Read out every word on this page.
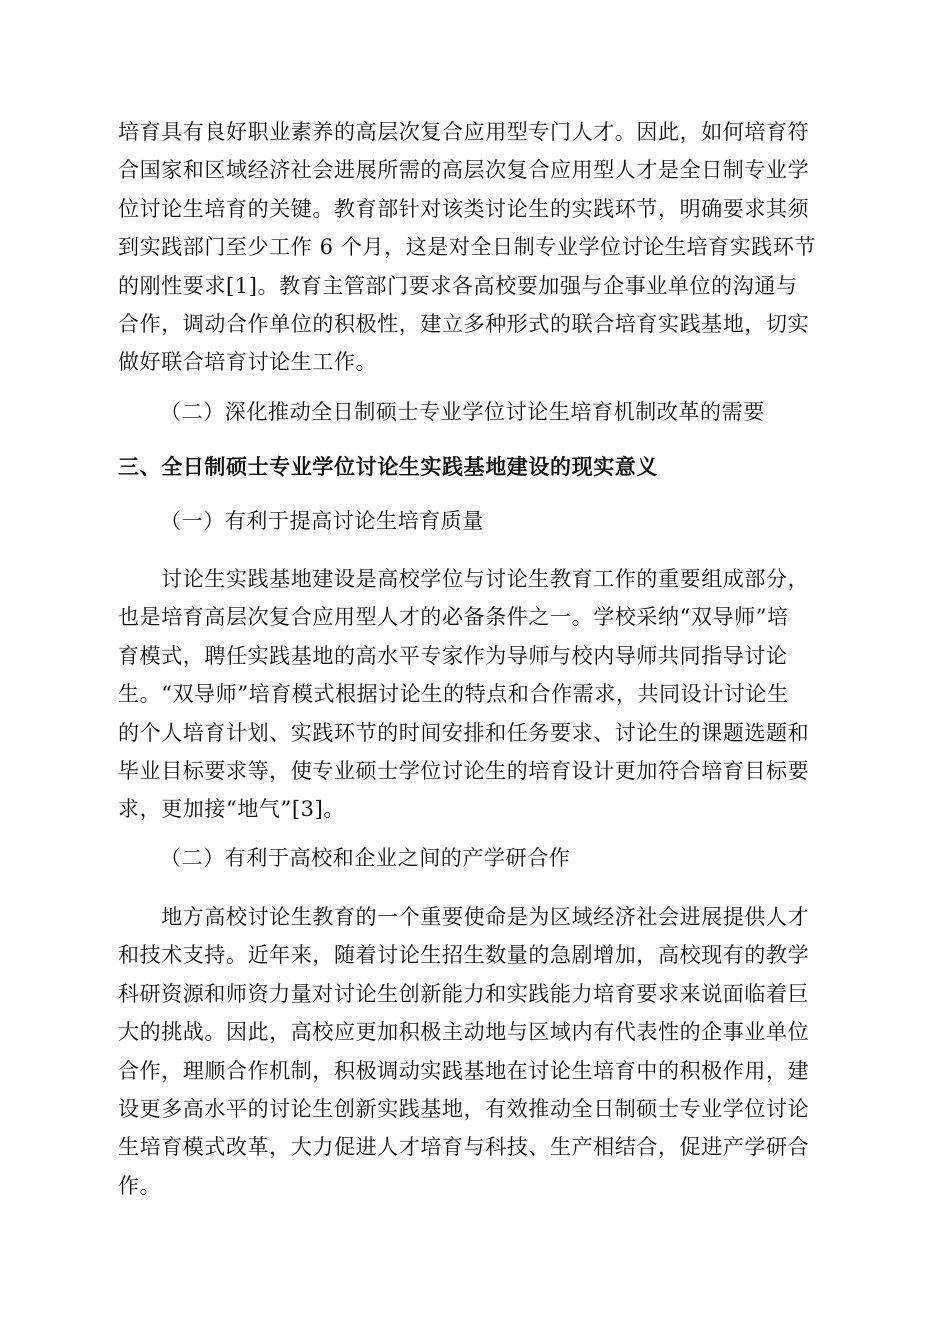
培育具有良好职业素养的高层次复合应用型专门人才。因此，如何培育符
合国家和区域经济社会进展所需的高层次复合应用型人才是全日制专业学
位讨论生培育的关键。教育部针对该类讨论生的实践环节，明确要求其须
到实践部门至少工作 6 个月，这是对全日制专业学位讨论生培育实践环节
的刚性要求[1]。教育主管部门要求各高校要加强与企事业单位的沟通与
合作，调动合作单位的积极性，建立多种形式的联合培育实践基地，切实
做好联合培育讨论生工作。
（二）深化推动全日制硕士专业学位讨论生培育机制改革的需要
三、全日制硕士专业学位讨论生实践基地建设的现实意义
（一）有利于提高讨论生培育质量
　　讨论生实践基地建设是高校学位与讨论生教育工作的重要组成部分，
也是培育高层次复合应用型人才的必备条件之一。学校采纳“双导师”培
育模式，聘任实践基地的高水平专家作为导师与校内导师共同指导讨论
生。“双导师”培育模式根据讨论生的特点和合作需求，共同设计讨论生
的个人培育计划、实践环节的时间安排和任务要求、讨论生的课题选题和
毕业目标要求等，使专业硕士学位讨论生的培育设计更加符合培育目标要
求，更加接“地气”[3]。
（二）有利于高校和企业之间的产学研合作
　　地方高校讨论生教育的一个重要使命是为区域经济社会进展提供人才
和技术支持。近年来，随着讨论生招生数量的急剧增加，高校现有的教学
科研资源和师资力量对讨论生创新能力和实践能力培育要求来说面临着巨
大的挑战。因此，高校应更加积极主动地与区域内有代表性的企事业单位
合作，理顺合作机制，积极调动实践基地在讨论生培育中的积极作用，建
设更多高水平的讨论生创新实践基地，有效推动全日制硕士专业学位讨论
生培育模式改革，大力促进人才培育与科技、生产相结合，促进产学研合
作。
